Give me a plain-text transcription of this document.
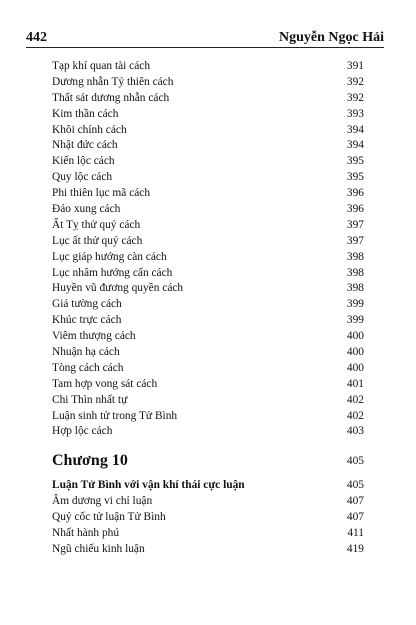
442	Nguyễn Ngọc Hải
Tạp khí quan tài cách	391
Dương nhẫn Tỷ thiên cách	392
Thất sát dương nhẫn cách	392
Kim thần cách	393
Khôi chính cách	394
Nhật đức cách	394
Kiến lộc cách	395
Quy lộc cách	395
Phi thiên lục mã cách	396
Đảo xung cách	396
Ất Tỵ thử quý cách	397
Lục ất thử quý cách	397
Lục giáp hướng càn cách	398
Lục nhâm hướng cấn cách	398
Huyền vũ đương quyền cách	398
Giá tường cách	399
Khúc trực cách	399
Viêm thượng cách	400
Nhuận hạ cách	400
Tòng cách cách	400
Tam hợp vong sát cách	401
Chi Thìn nhất tự	402
Luận sinh tử trong Tử Bình	402
Hợp lộc cách	403
Chương 10	405
Luận Tử Bình với vận khí thái cực luận	405
Âm dương vi chỉ luận	407
Quỷ cốc tử luận Tử Bình	407
Nhất hành phú	411
Ngũ chiếu kinh luận	419
